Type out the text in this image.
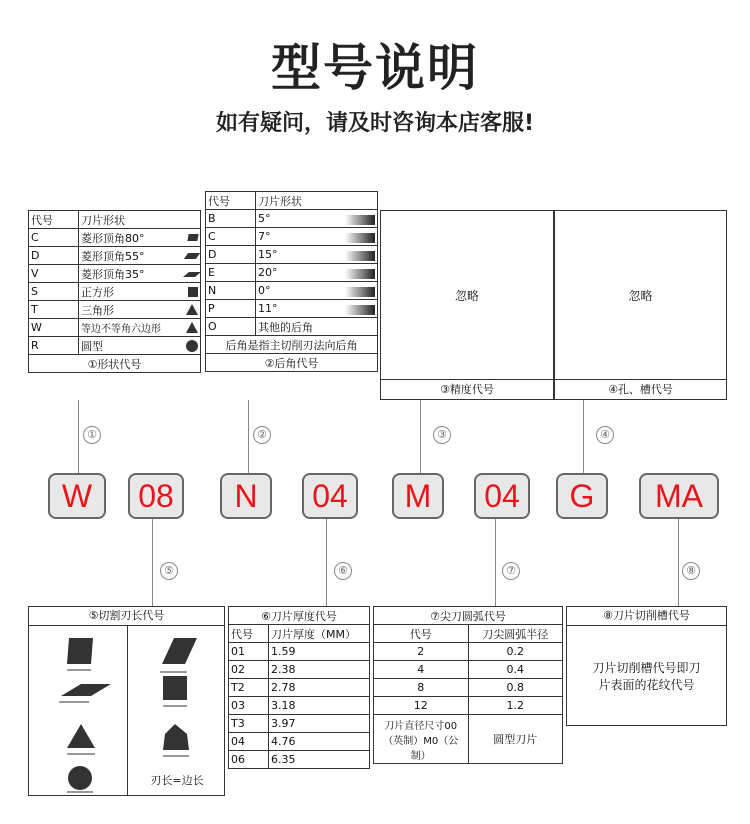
型号说明
如有疑问，请及时咨询本店客服!
代号	刀片形状
C	菱形顶角80°

D	菱形顶角55°

V	菱形顶角35°

S	正方形

T	三角形

W	等边不等角六边形

R	圆型

①形状代号	
代号	刀片形状
B	5°

C	7°

D	15°

E	20°

N	0°

P	11°

O	其他的后角
后角是指主切削刃法向后角	
②后角代号	
忽略
③精度代号
忽略
④孔、槽代号
①	②	③	④
W	08	N	04	M	04	G	MA
⑤	⑥	⑦	⑧
⑤切割刃长代号
刃长=边长
⑥刀片厚度代号	
代号	刀片厚度（MM）
01	1.59
02	2.38
T2	2.78
03	3.18
T3	3.97
04	4.76
06	6.35
⑦尖刀圆弧代号	
代号	刀尖圆弧半径
2	0.2
4	0.4
8	0.8
12	1.2
刀片直径尺寸00（英制）M0（公制）	圆型刀片
⑧刀片切削槽代号
刀片切削槽代号即刀片表面的花纹代号
